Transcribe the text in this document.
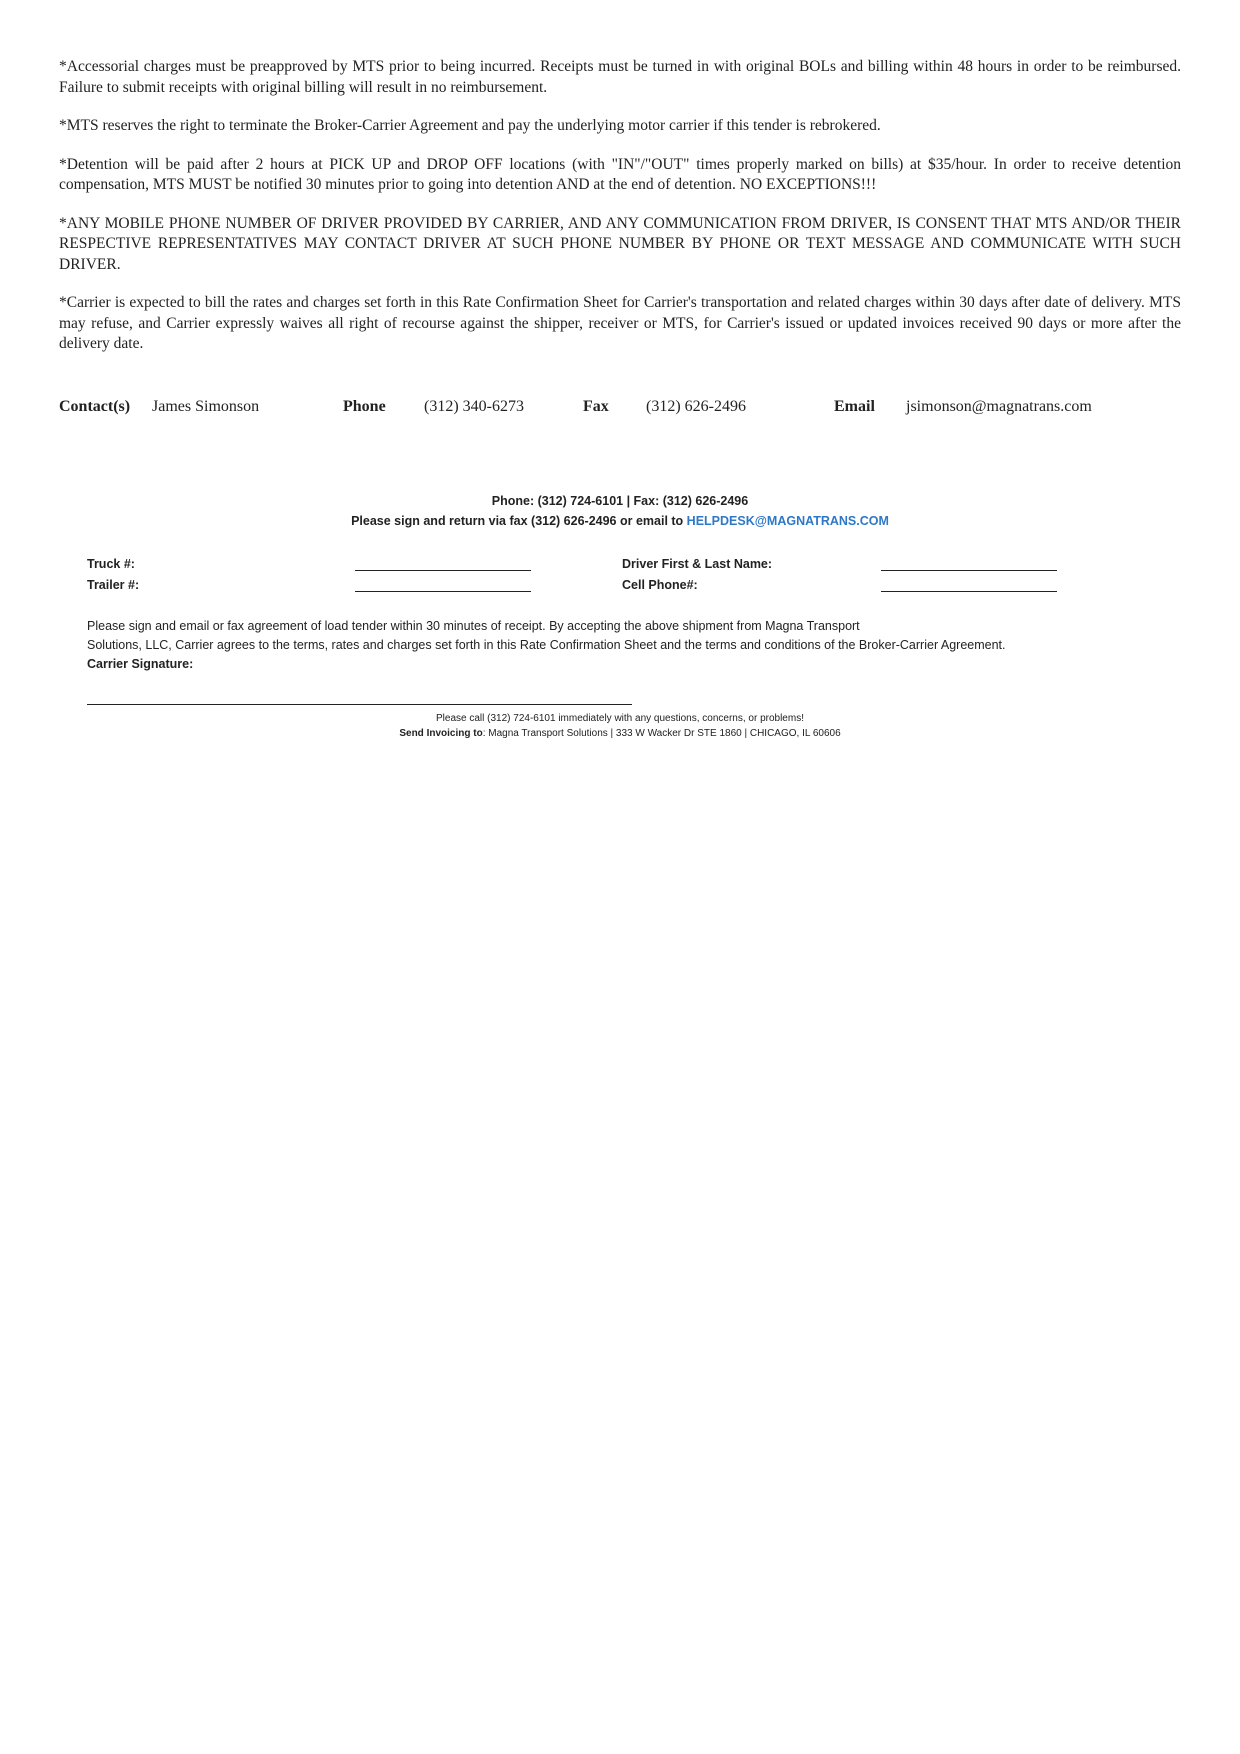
*Accessorial charges must be preapproved by MTS prior to being incurred. Receipts must be turned in with original BOLs and billing within 48 hours in order to be reimbursed. Failure to submit receipts with original billing will result in no reimbursement.

*MTS reserves the right to terminate the Broker-Carrier Agreement and pay the underlying motor carrier if this tender is rebrokered.

*Detention will be paid after 2 hours at PICK UP and DROP OFF locations (with "IN"/"OUT" times properly marked on bills) at $35/hour. In order to receive detention compensation, MTS MUST be notified 30 minutes prior to going into detention AND at the end of detention. NO EXCEPTIONS!!!

*ANY MOBILE PHONE NUMBER OF DRIVER PROVIDED BY CARRIER, AND ANY COMMUNICATION FROM DRIVER, IS CONSENT THAT MTS AND/OR THEIR RESPECTIVE REPRESENTATIVES MAY CONTACT DRIVER AT SUCH PHONE NUMBER BY PHONE OR TEXT MESSAGE AND COMMUNICATE WITH SUCH DRIVER.

*Carrier is expected to bill the rates and charges set forth in this Rate Confirmation Sheet for Carrier's transportation and related charges within 30 days after date of delivery. MTS may refuse, and Carrier expressly waives all right of recourse against the shipper, receiver or MTS, for Carrier's issued or updated invoices received 90 days or more after the delivery date.

Contact(s) James Simonson	Phone (312) 340-6273	Fax (312) 626-2496	Email jsimonson@magnatrans.com
Phone: (312) 724-6101 | Fax: (312) 626-2496
Please sign and return via fax (312) 626-2496 or email to HELPDESK@MAGNATRANS.COM
Truck #:	Driver First & Last Name:
Trailer #:	Cell Phone#:

Please sign and email or fax agreement of load tender within 30 minutes of receipt. By accepting the above shipment from Magna Transport

Solutions, LLC, Carrier agrees to the terms, rates and charges set forth in this Rate Confirmation Sheet and the terms and conditions of the Broker-Carrier Agreement.

Carrier Signature:

Please call (312) 724-6101 immediately with any questions, concerns, or problems!
Send Invoicing to: Magna Transport Solutions | 333 W Wacker Dr STE 1860 | CHICAGO, IL 60606
